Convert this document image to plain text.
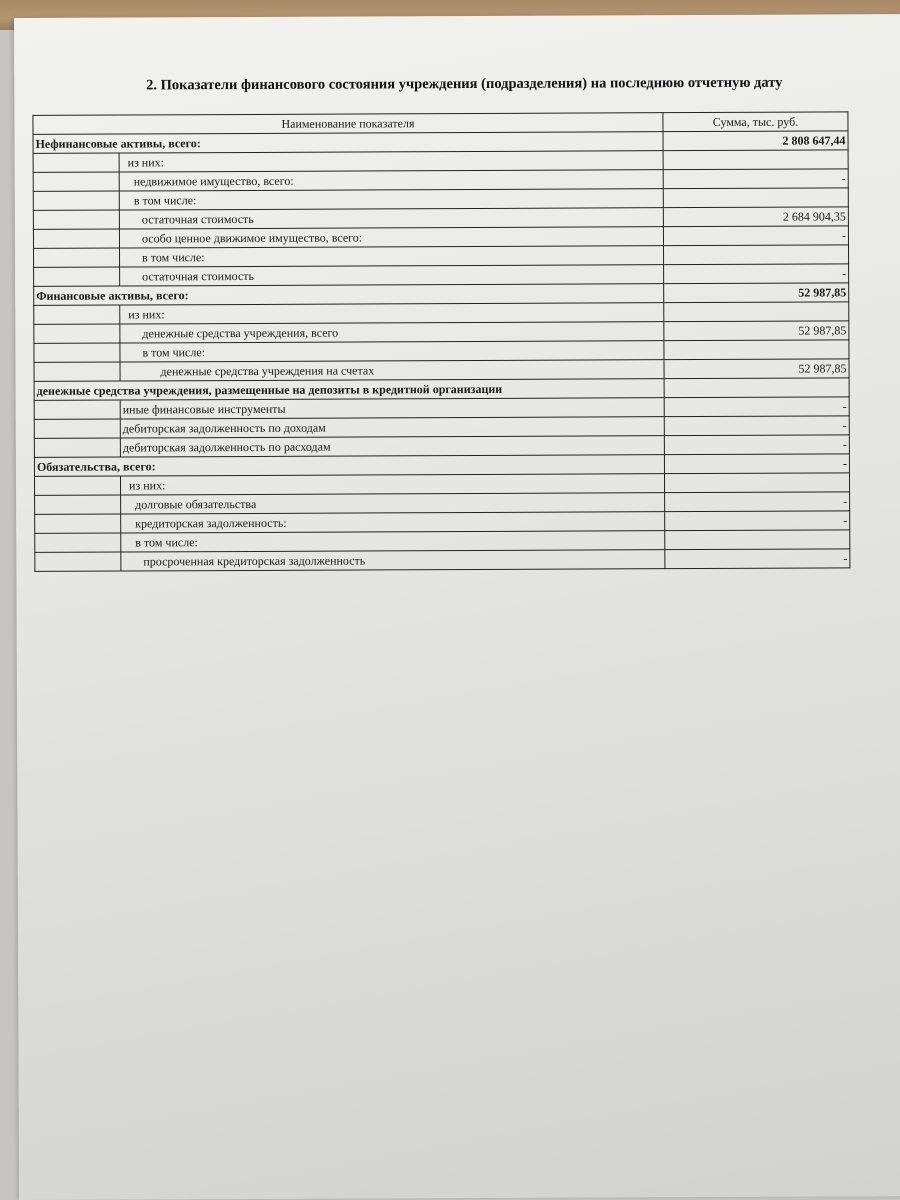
2. Показатели финансового состояния учреждения (подразделения) на последнюю отчетную дату
Наименование показателя		Сумма, тыс. руб.
Нефинансовые активы, всего:		2 808 647,44
	из них:	
	недвижимое имущество, всего:	-
	в том числе:	
	остаточная стоимость	2 684 904,35
	особо ценное движимое имущество, всего:	-
	в том числе:	
	остаточная стоимость	-
Финансовые активы, всего:		52 987,85
	из них:	
	денежные средства учреждения, всего	52 987,85
	в том числе:	
	денежные средства учреждения на счетах	52 987,85
денежные средства учреждения, размещенные на депозиты в кредитной организации		
	иные финансовые инструменты	-
	дебиторская задолженность по доходам	-
	дебиторская задолженность по расходам	-
Обязательства, всего:		-
	из них:	
	долговые обязательства	-
	кредиторская задолженность:	-
	в том числе:	
	просроченная кредиторская задолженность	-
